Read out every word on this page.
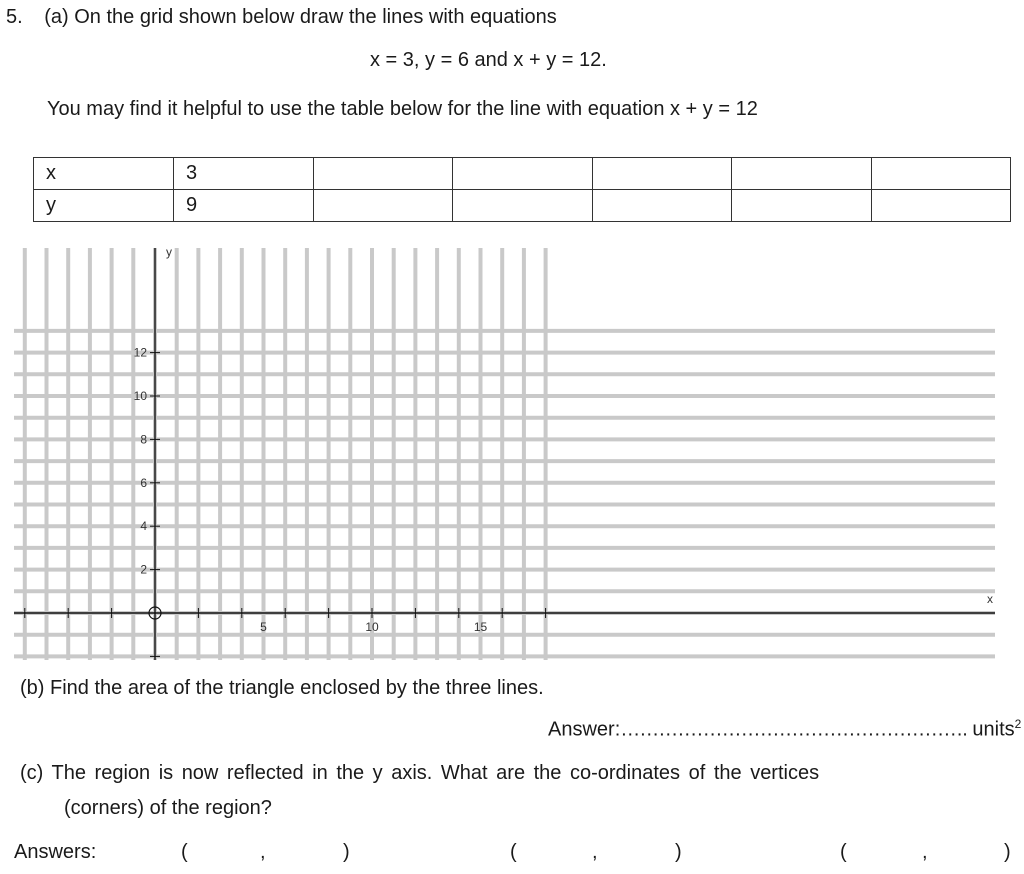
5. (a) On the grid shown below draw the lines with equations
x = 3, y = 6 and x + y = 12.
You may find it helpful to use the table below for the line with equation x + y = 12
x	3					
y	9					
5	10	15
2
4
6
8
10
12
x
y
(b) Find the area of the triangle enclosed by the three lines.
Answer:………………………………………………. units$^2$
(c) The region is now reflected in the y axis. What are the co-ordinates of the vertices
(corners) of the region?
Answers:	(	,	)	(	,	)	(	,	)
